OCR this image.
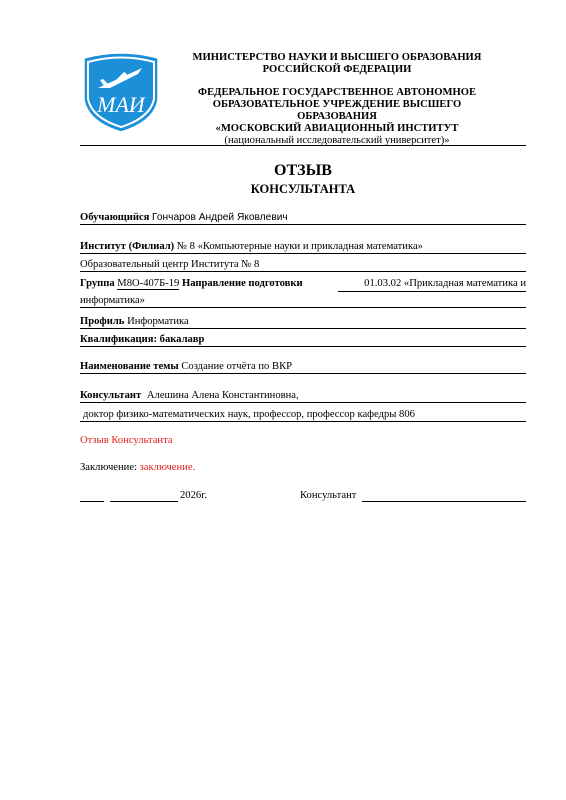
МАИ
МИНИСТЕРСТВО НАУКИ И ВЫСШЕГО ОБРАЗОВАНИЯ
РОССИЙСКОЙ ФЕДЕРАЦИИ
ФЕДЕРАЛЬНОЕ ГОСУДАРСТВЕННОЕ АВТОНОМНОЕ
ОБРАЗОВАТЕЛЬНОЕ УЧРЕЖДЕНИЕ ВЫСШЕГО ОБРАЗОВАНИЯ
«МОСКОВСКИЙ АВИАЦИОННЫЙ ИНСТИТУТ
(национальный исследовательский университет)»
ОТЗЫВ
КОНСУЛЬТАНТА
Обучающийся Гончаров Андрей Яковлевич
Институт (Филиал) № 8 «Компьютерные науки и прикладная математика»
Образовательный центр Института № 8
Группа М8О-407Б-19 Направление подготовки	01.03.02 «Прикладная математика и
информатика»
Профиль Информатика
Квалификация: бакалавр
Наименование темы Создание отчёта по ВКР
Консультант Алешина Алена Константиновна,
доктор физико-математических наук, профессор, профессор кафедры 806
Отзыв Консультанта
Заключение: заключение.
2026г.	Консультант
